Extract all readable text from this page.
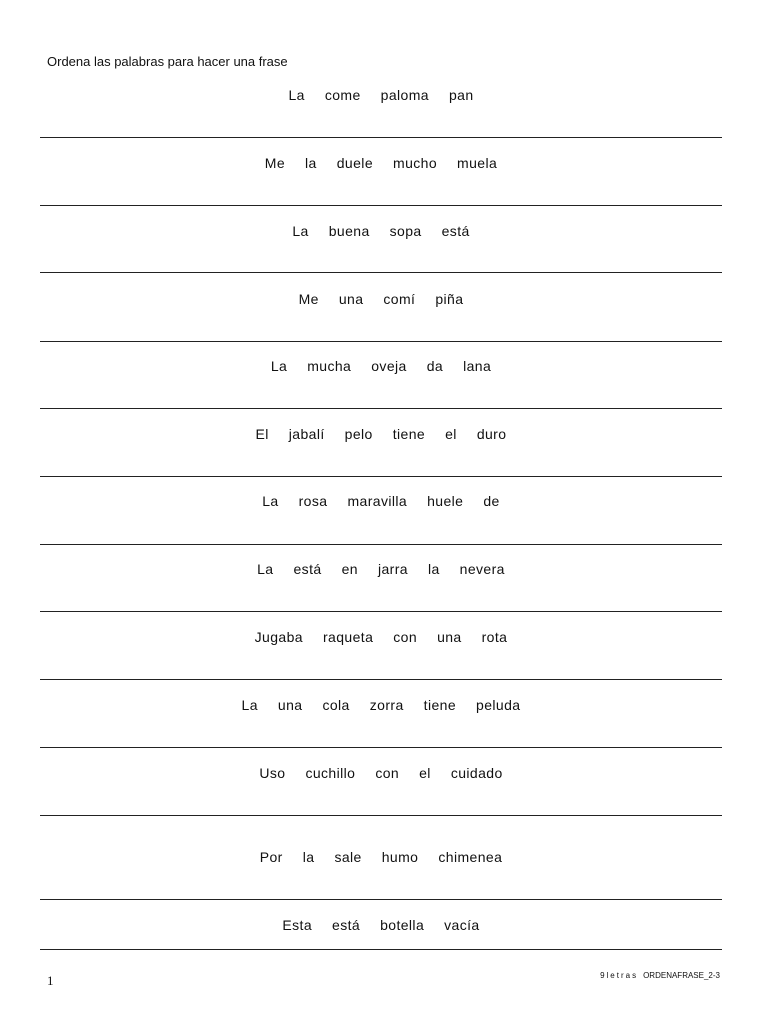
Ordena las palabras para hacer una frase
La come paloma pan
Me la duele mucho muela
La buena sopa está
Me una comí piña
La mucha oveja da lana
El jabalí pelo tiene el duro
La rosa maravilla huele de
La está en jarra la nevera
Jugaba raqueta con una rota
La una cola zorra tiene peluda
Uso cuchillo con el cuidado
Por la sale humo chimenea
Esta está botella vacía
1	9letras ORDENAFRASE_2-3
